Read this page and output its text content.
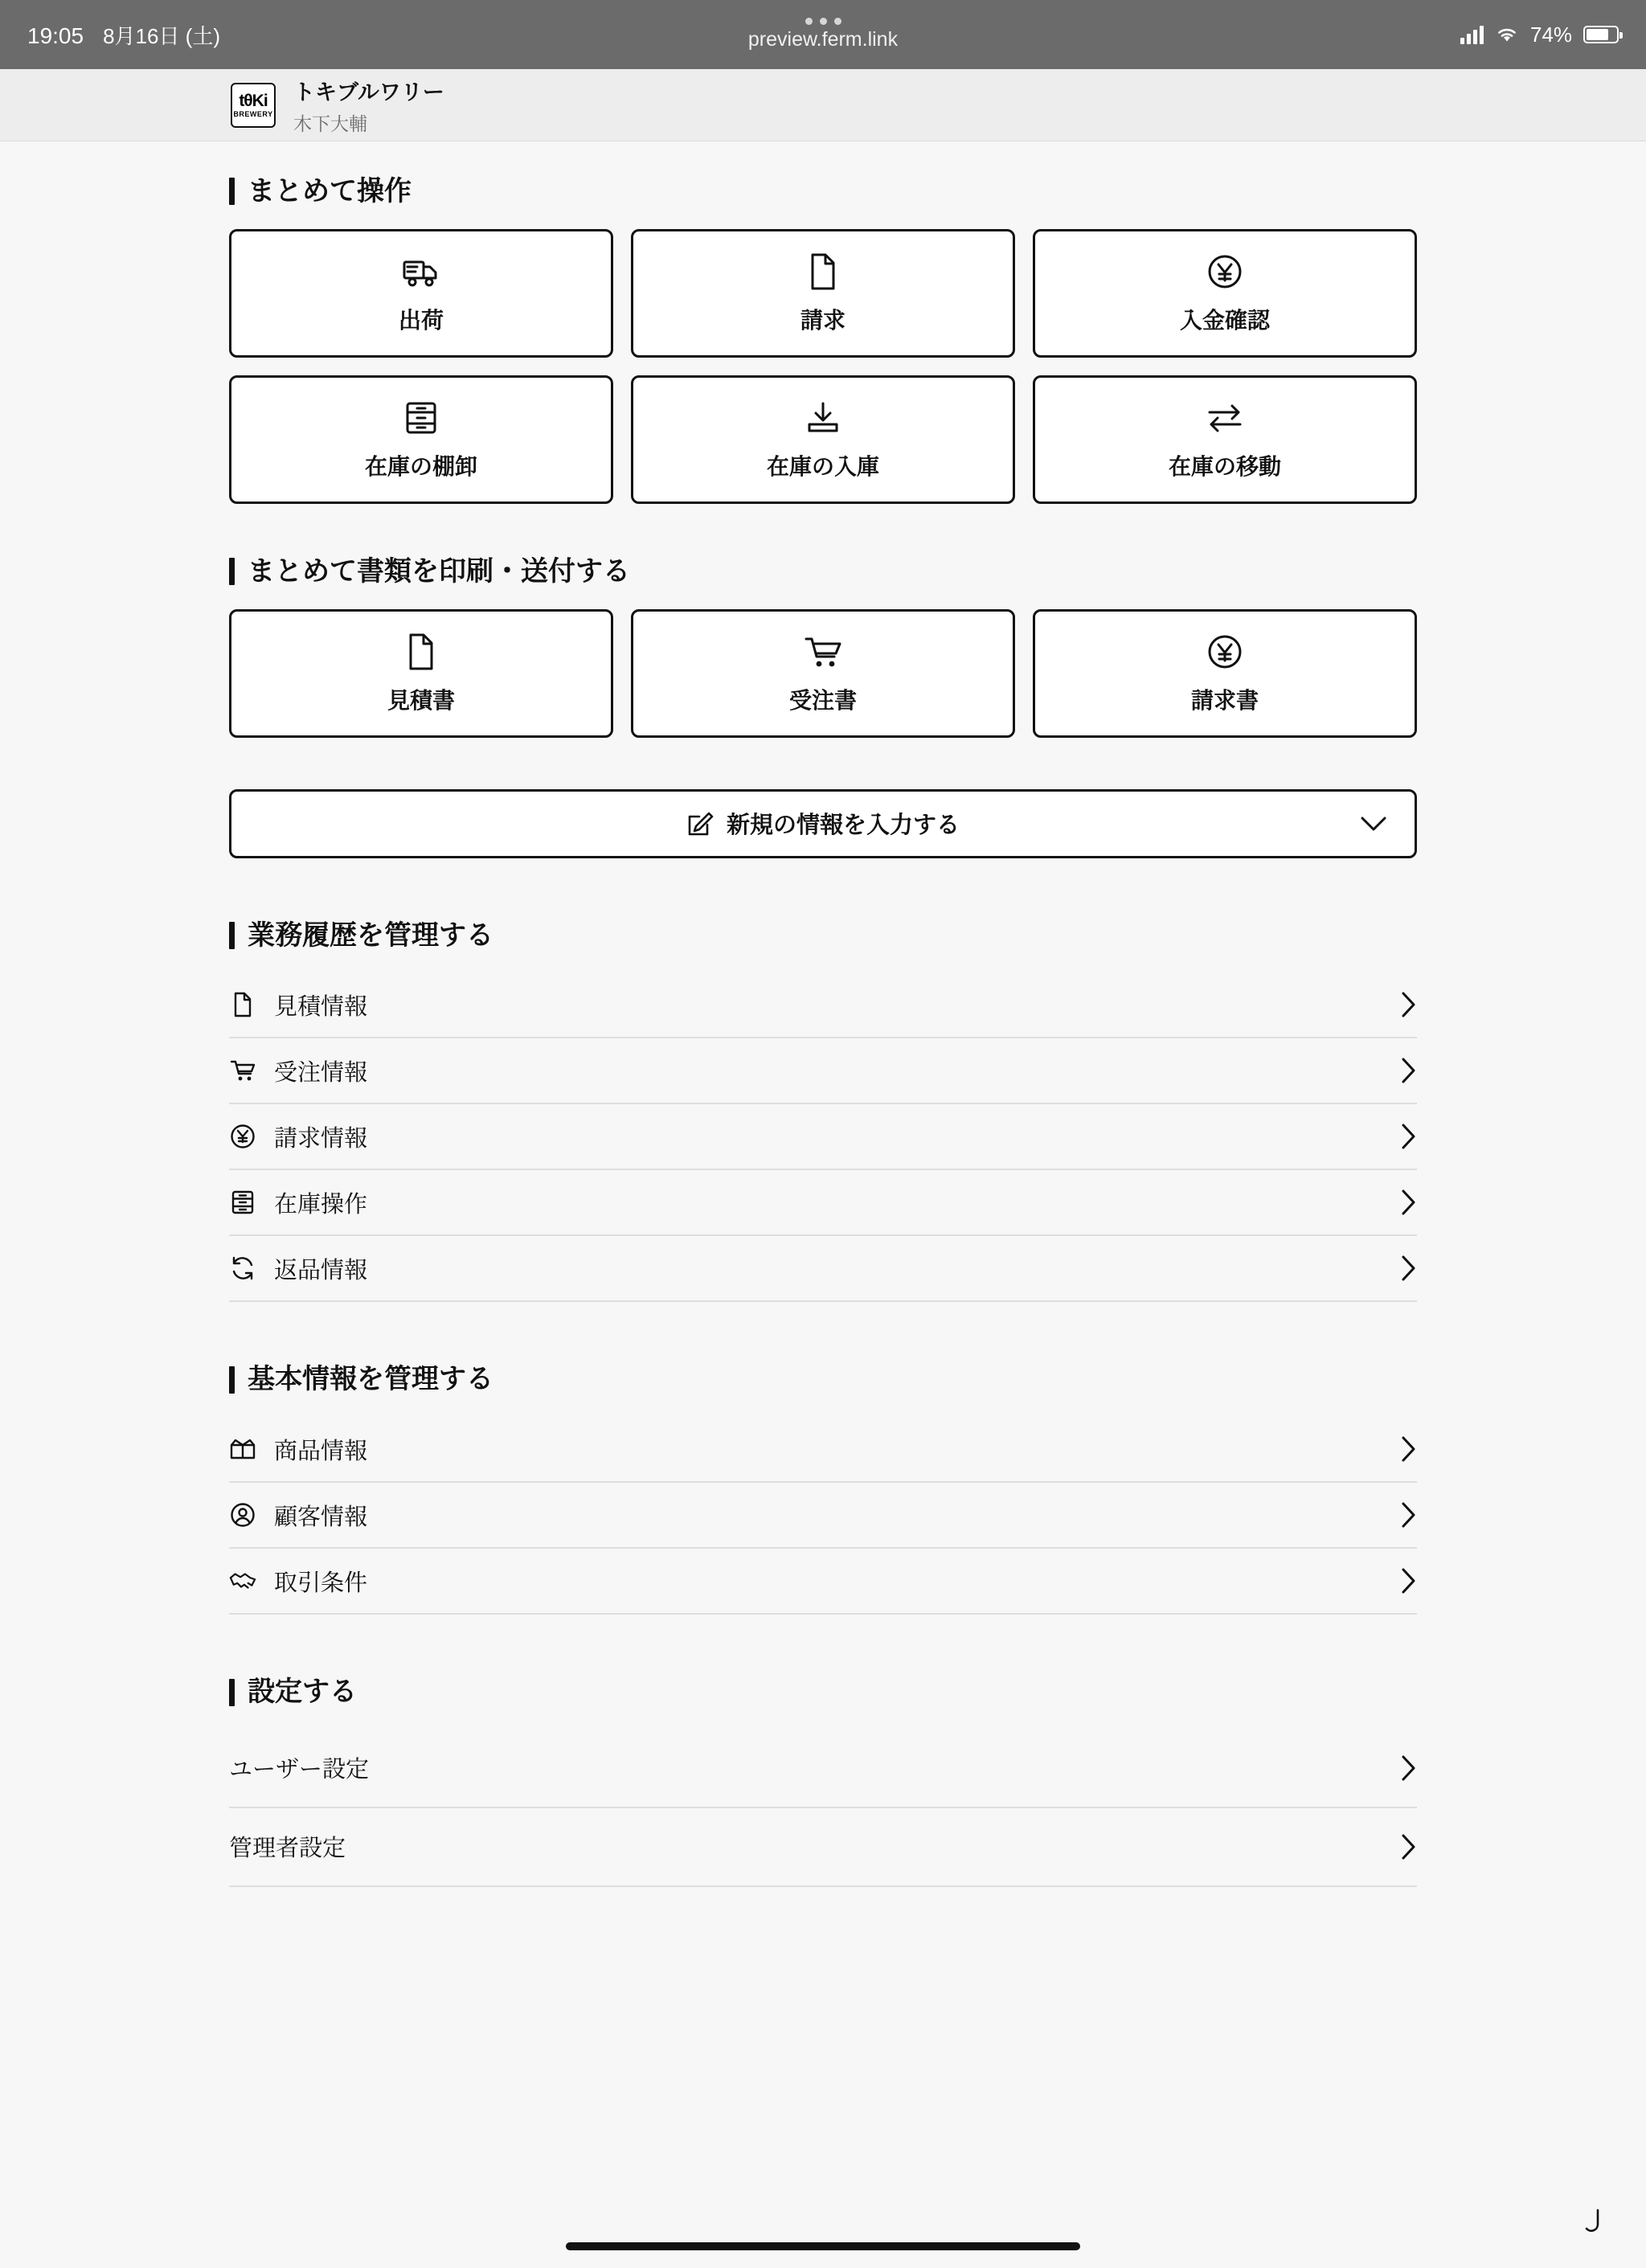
19:05 8月16日 (土)	preview.ferm.link	74%
tθKi
BREWERY
トキブルワリー
木下大輔
まとめて操作
出荷	請求	入金確認
在庫の棚卸	在庫の入庫	在庫の移動
まとめて書類を印刷・送付する
見積書	受注書	請求書
新規の情報を入力する
業務履歴を管理する
見積情報
受注情報
請求情報
在庫操作
返品情報
基本情報を管理する
商品情報
顧客情報
取引条件
設定する
ユーザー設定
管理者設定
